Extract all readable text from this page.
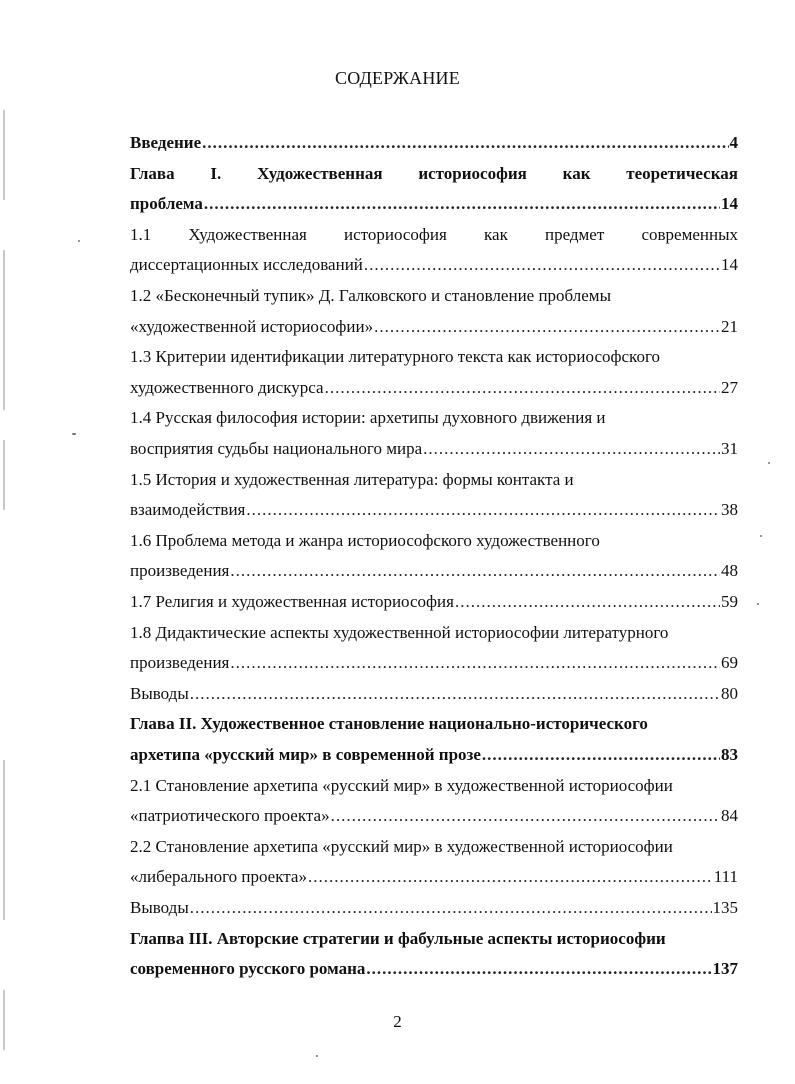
СОДЕРЖАНИЕ
Введение .....	4
Глава I. Художественная историософия как теоретическая
проблема .....	14
1.1 Художественная историософия как предмет современных
диссертационных исследований .....	14
1.2 «Бесконечный тупик» Д. Галковского и становление проблемы
«художественной историософии» .....	21
1.3 Критерии идентификации литературного текста как историософского
художественного дискурса .....	27
1.4 Русская философия истории: архетипы духовного движения и
восприятия судьбы национального мира .....	31
1.5 История и художественная литература: формы контакта и
взаимодействия .....	38
1.6 Проблема метода и жанра историософского художественного
произведения .....	48
1.7 Религия и художественная историософия .....	59
1.8 Дидактические аспекты художественной историософии литературного
произведения .....	69
Выводы .....	80
Глава II. Художественное становление национально-исторического
архетипа «русский мир» в современной прозе .....	83
2.1 Становление архетипа «русский мир» в художественной историософии
«патриотического проекта» .....	84
2.2 Становление архетипа «русский мир» в художественной историософии
«либерального проекта» .....	111
Выводы .....	135
Глапва III. Авторские стратегии и фабульные аспекты историософии
современного русского романа .....	137
2
